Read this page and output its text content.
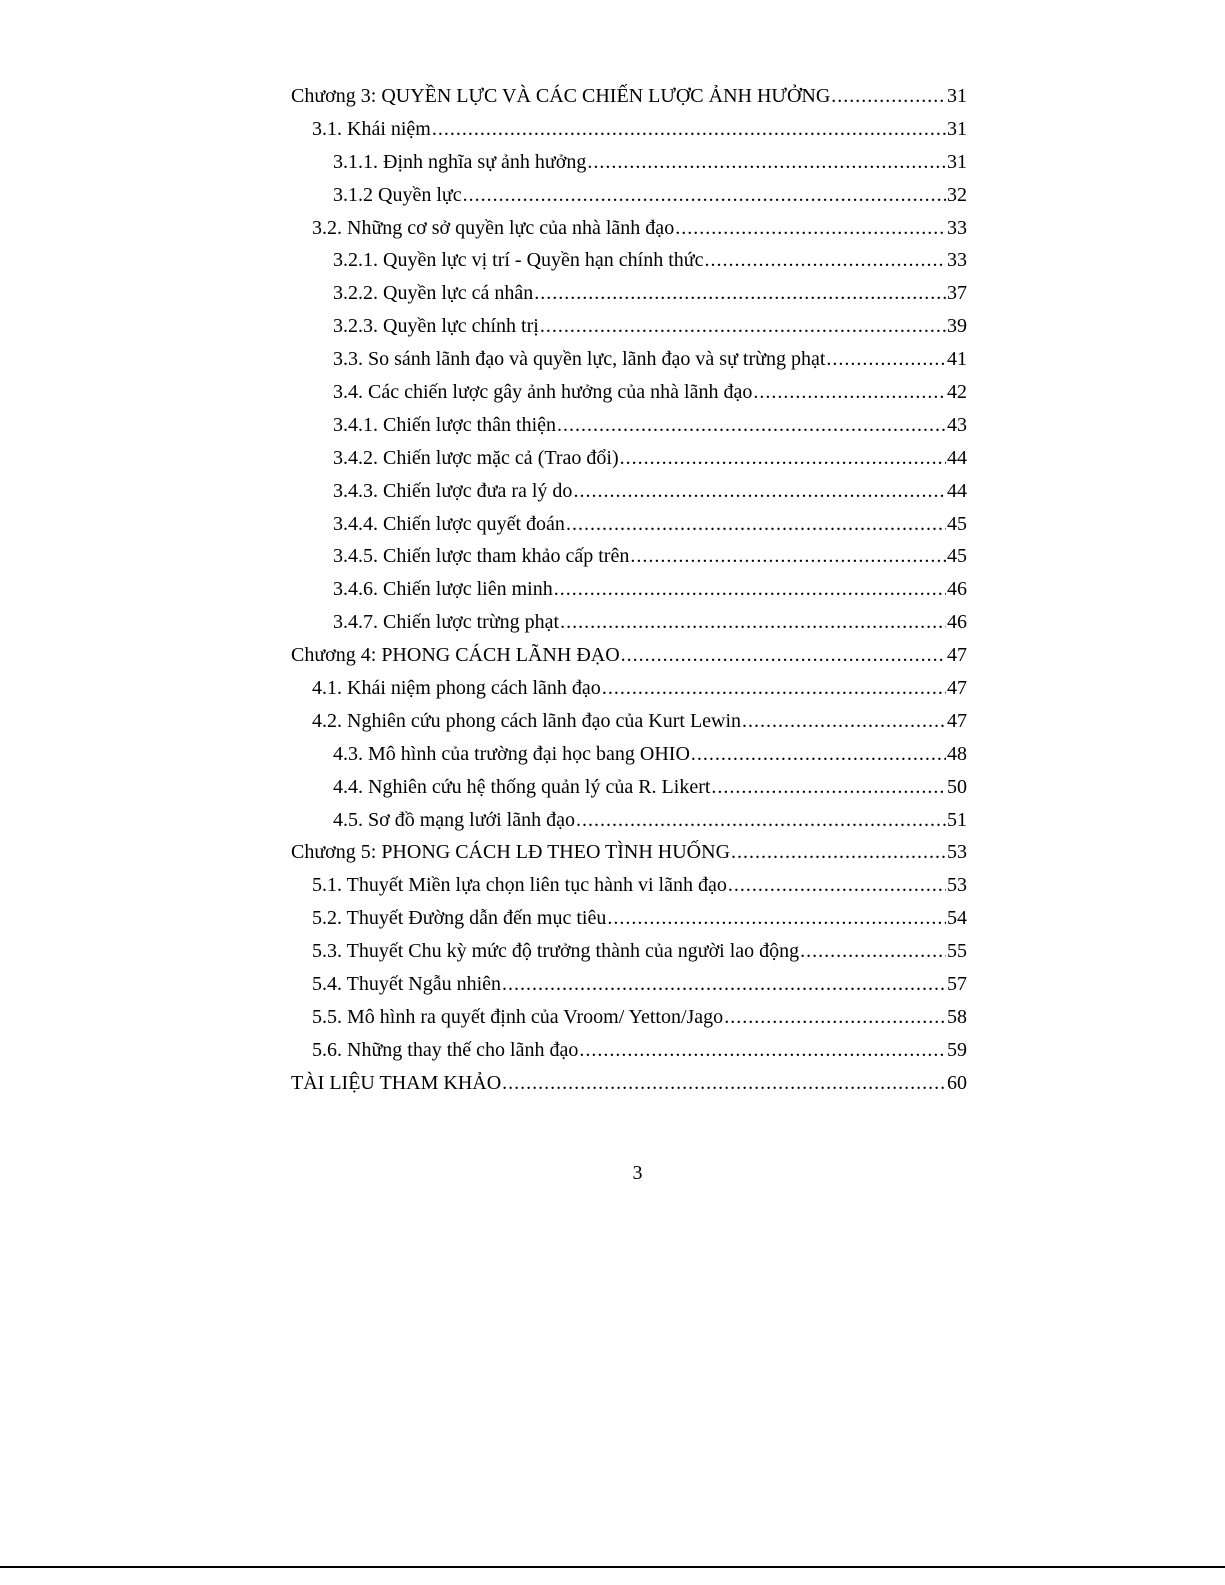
Chương 3: QUYỀN LỰC VÀ CÁC CHIẾN LƯỢC ẢNH HƯỞNG .....	31
3.1. Khái niệm .....	31
3.1.1. Định nghĩa sự ảnh hưởng .....	31
3.1.2 Quyền lực .....	32
3.2. Những cơ sở quyền lực của nhà lãnh đạo .....	33
3.2.1. Quyền lực vị trí - Quyền hạn chính thức .....	33
3.2.2. Quyền lực cá nhân .....	37
3.2.3. Quyền lực chính trị .....	39
3.3. So sánh lãnh đạo và quyền lực, lãnh đạo và sự trừng phạt .....	41
3.4. Các chiến lược gây ảnh hưởng của nhà lãnh đạo .....	42
3.4.1. Chiến lược thân thiện .....	43
3.4.2. Chiến lược mặc cả (Trao đổi) .....	44
3.4.3. Chiến lược đưa ra lý do .....	44
3.4.4. Chiến lược quyết đoán .....	45
3.4.5. Chiến lược tham khảo cấp trên .....	45
3.4.6. Chiến lược liên minh .....	46
3.4.7. Chiến lược trừng phạt .....	46
Chương 4: PHONG CÁCH LÃNH ĐẠO .....	47
4.1. Khái niệm phong cách lãnh đạo .....	47
4.2. Nghiên cứu phong cách lãnh đạo của Kurt Lewin .....	47
4.3. Mô hình của trường đại học bang OHIO .....	48
4.4. Nghiên cứu hệ thống quản lý của R. Likert .....	50
4.5. Sơ đồ mạng lưới lãnh đạo .....	51
Chương 5: PHONG CÁCH LĐ THEO TÌNH HUỐNG .....	53
5.1. Thuyết Miền lựa chọn liên tục hành vi lãnh đạo .....	53
5.2. Thuyết Đường dẫn đến mục tiêu .....	54
5.3. Thuyết Chu kỳ mức độ trưởng thành của người lao động .....	55
5.4. Thuyết Ngẫu nhiên .....	57
5.5. Mô hình ra quyết định của Vroom/ Yetton/Jago .....	58
5.6. Những thay thế cho lãnh đạo .....	59
TÀI LIỆU THAM KHẢO .....	60
3
